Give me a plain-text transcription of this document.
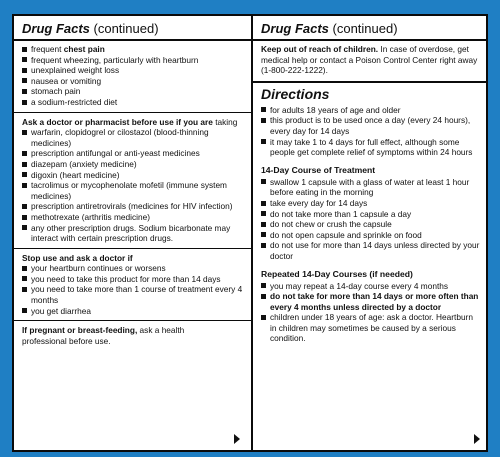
Drug Facts (continued)
frequent chest pain
frequent wheezing, particularly with heartburn
unexplained weight loss
nausea or vomiting
stomach pain
a sodium-restricted diet

Ask a doctor or pharmacist before use if you are taking

warfarin, clopidogrel or cilostazol (blood-thinning medicines)
prescription antifungal or anti-yeast medicines
diazepam (anxiety medicine)
digoxin (heart medicine)
tacrolimus or mycophenolate mofetil (immune system medicines)
prescription antiretrovirals (medicines for HIV infection)
methotrexate (arthritis medicine)
any other prescription drugs. Sodium bicarbonate may interact with certain prescription drugs.

Stop use and ask a doctor if

your heartburn continues or worsens
you need to take this product for more than 14 days
you need to take more than 1 course of treatment every 4 months
you get diarrhea

If pregnant or breast-feeding, ask a health professional before use.

Drug Facts (continued)

Keep out of reach of children. In case of overdose, get medical help or contact a Poison Control Center right away (1-800-222-1222).

Directions
for adults 18 years of age and older
this product is to be used once a day (every 24 hours), every day for 14 days
it may take 1 to 4 days for full effect, although some people get complete relief of symptoms within 24 hours

14-Day Course of Treatment

swallow 1 capsule with a glass of water at least 1 hour before eating in the morning
take every day for 14 days
do not take more than 1 capsule a day
do not chew or crush the capsule
do not open capsule and sprinkle on food
do not use for more than 14 days unless directed by your doctor

Repeated 14-Day Courses (if needed)

you may repeat a 14-day course every 4 months
do not take for more than 14 days or more often than every 4 months unless directed by a doctor
children under 18 years of age: ask a doctor. Heartburn in children may sometimes be caused by a serious condition.
